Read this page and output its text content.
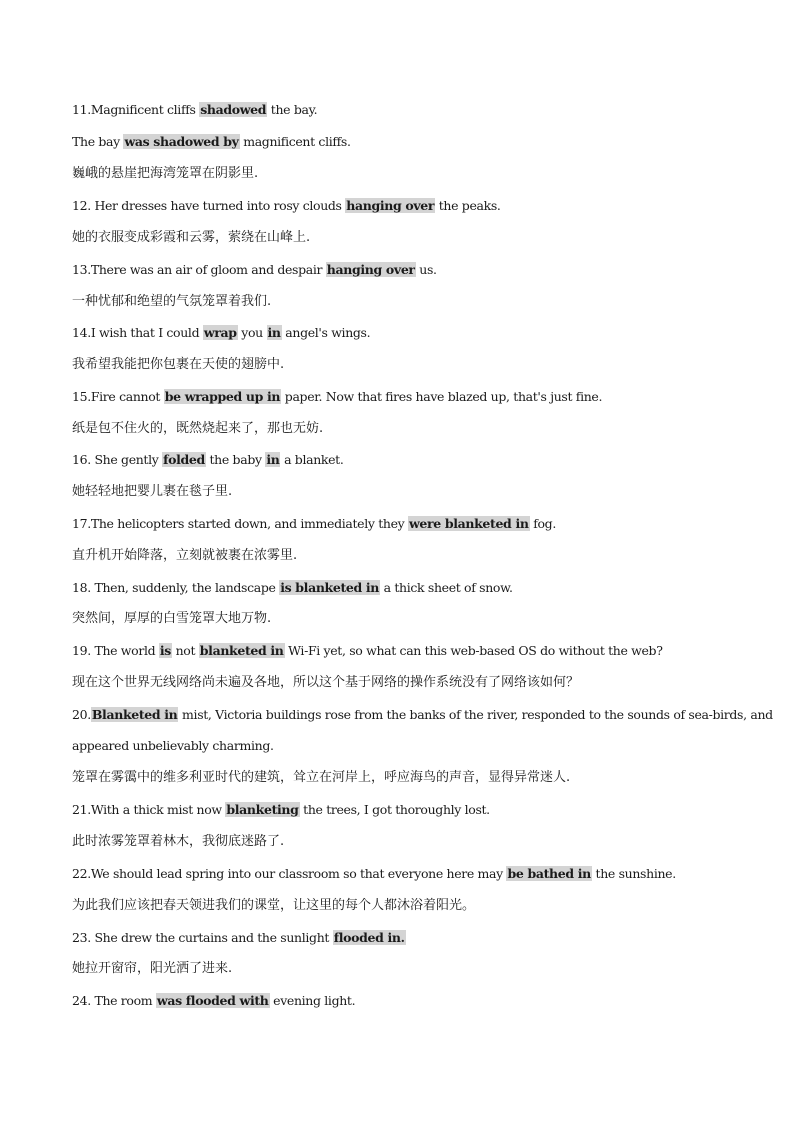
11.Magnificent cliffs shadowed the bay.
The bay was shadowed by magnificent cliffs.
巍峨的悬崖把海湾笼罩在阴影里.
12. Her dresses have turned into rosy clouds hanging over the peaks.
她的衣服变成彩霞和云雾，萦绕在山峰上.
13.There was an air of gloom and despair hanging over us.
一种忧郁和绝望的气氛笼罩着我们.
14.I wish that I could wrap you in angel's wings.
我希望我能把你包裹在天使的翅膀中.
15.Fire cannot be wrapped up in paper. Now that fires have blazed up, that's just fine.
纸是包不住火的，既然烧起来了，那也无妨.
16. She gently folded the baby in a blanket.
她轻轻地把婴儿裹在毯子里.
17.The helicopters started down, and immediately they were blanketed in fog.
直升机开始降落，立刻就被裹在浓雾里.
18. Then, suddenly, the landscape is blanketed in a thick sheet of snow.
突然间，厚厚的白雪笼罩大地万物.
19. The world is not blanketed in Wi-Fi yet, so what can this web-based OS do without the web?
现在这个世界无线网络尚未遍及各地，所以这个基于网络的操作系统没有了网络该如何？
20.Blanketed in mist, Victoria buildings rose from the banks of the river, responded to the sounds of sea-birds, and
appeared unbelievably charming.
笼罩在雾霭中的维多利亚时代的建筑，耸立在河岸上，呼应海鸟的声音，显得异常迷人.
21.With a thick mist now blanketing the trees, I got thoroughly lost.
此时浓雾笼罩着林木，我彻底迷路了.
22.We should lead spring into our classroom so that everyone here may be bathed in the sunshine.
为此我们应该把春天领进我们的课堂，让这里的每个人都沐浴着阳光。
23. She drew the curtains and the sunlight flooded in.
她拉开窗帘，阳光洒了进来.
24. The room was flooded with evening light.
